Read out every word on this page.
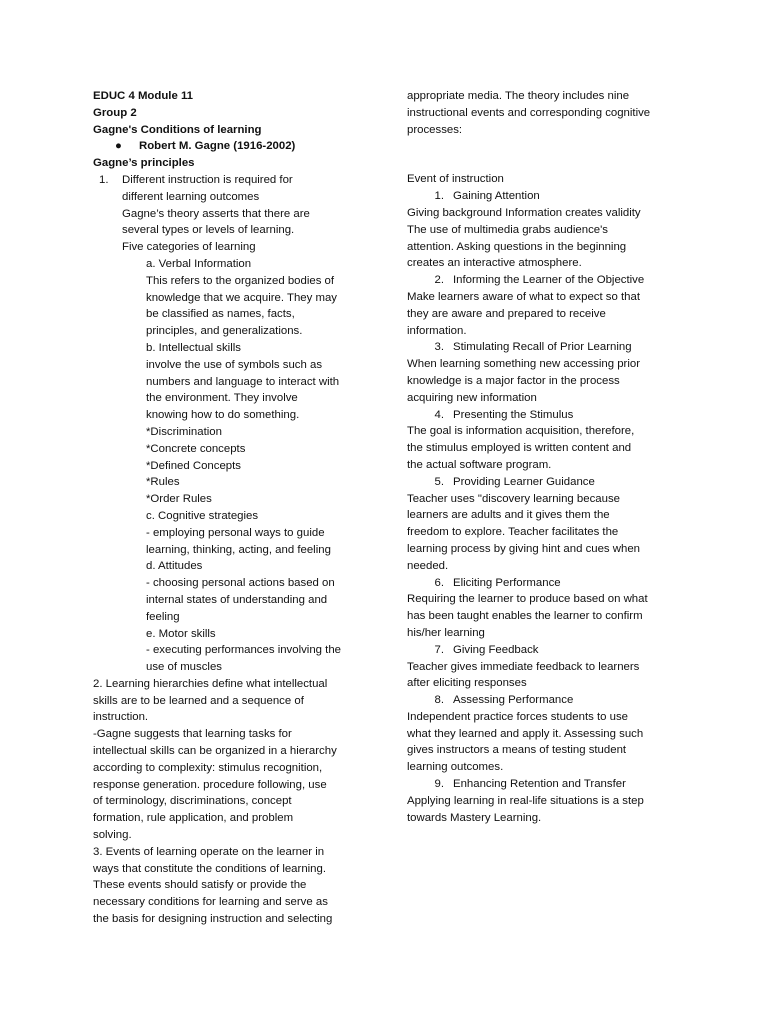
EDUC 4 Module 11
Group 2
Gagne's Conditions of learning
● Robert M. Gagne (1916-2002)
Gagne’s principles
1. Different instruction is required for
different learning outcomes
Gagne’s theory asserts that there are
several types or levels of learning.
Five categories of learning
a. Verbal Information
This refers to the organized bodies of
knowledge that we acquire. They may
be classified as names, facts,
principles, and generalizations.
b. Intellectual skills
involve the use of symbols such as
numbers and language to interact with
the environment. They involve
knowing how to do something.
*Discrimination
*Concrete concepts
*Defined Concepts
*Rules
*Order Rules
c. Cognitive strategies
- employing personal ways to guide
learning, thinking, acting, and feeling
d. Attitudes
- choosing personal actions based on
internal states of understanding and
feeling
e. Motor skills
- executing performances involving the
use of muscles
2. Learning hierarchies define what intellectual
skills are to be learned and a sequence of
instruction.
-Gagne suggests that learning tasks for
intellectual skills can be organized in a hierarchy
according to complexity: stimulus recognition,
response generation. procedure following, use
of terminology, discriminations, concept
formation, rule application, and problem
solving.
3. Events of learning operate on the learner in
ways that constitute the conditions of learning.
These events should satisfy or provide the
necessary conditions for learning and serve as
the basis for designing instruction and selecting
appropriate media. The theory includes nine
instructional events and corresponding cognitive
processes:
Event of instruction
1. Gaining Attention
Giving background Information creates validity
The use of multimedia grabs audience's
attention. Asking questions in the beginning
creates an interactive atmosphere.
2. Informing the Learner of the Objective
Make learners aware of what to expect so that
they are aware and prepared to receive
information.
3. Stimulating Recall of Prior Learning
When learning something new accessing prior
knowledge is a major factor in the process
acquiring new information
4. Presenting the Stimulus
The goal is information acquisition, therefore,
the stimulus employed is written content and
the actual software program.
5. Providing Learner Guidance
Teacher uses "discovery learning because
learners are adults and it gives them the
freedom to explore. Teacher facilitates the
learning process by giving hint and cues when
needed.
6. Eliciting Performance
Requiring the learner to produce based on what
has been taught enables the learner to confirm
his/her learning
7. Giving Feedback
Teacher gives immediate feedback to learners
after eliciting responses
8. Assessing Performance
Independent practice forces students to use
what they learned and apply it. Assessing such
gives instructors a means of testing student
learning outcomes.
9. Enhancing Retention and Transfer
Applying learning in real-life situations is a step
towards Mastery Learning.
